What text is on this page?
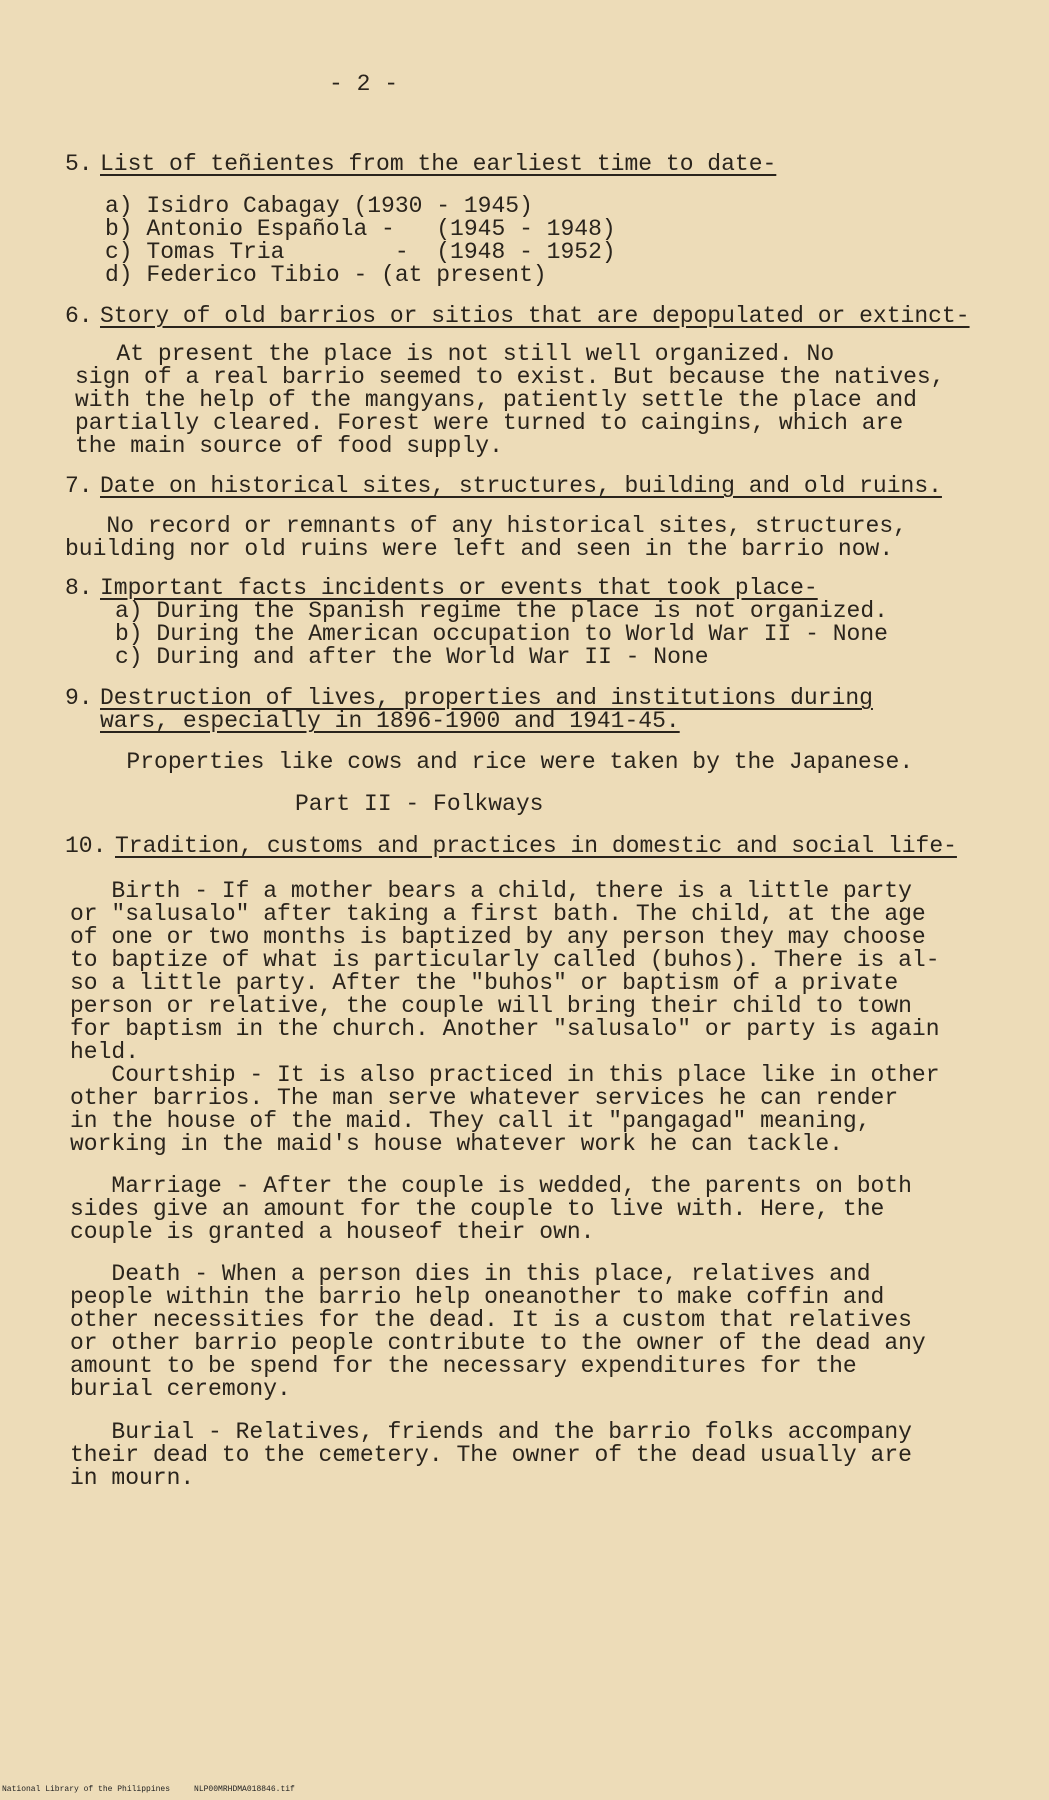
- 2 -
5. List of teñientes from the earliest time to date-
a) Isidro Cabagay (1930 - 1945)
b) Antonio Española -   (1945 - 1948)
c) Tomas Tria        -  (1948 - 1952)
d) Federico Tibio - (at present)
6. Story of old barrios or sitios that are depopulated or extinct-
At present the place is not still well organized. No
sign of a real barrio seemed to exist. But because the natives,
with the help of the mangyans, patiently settle the place and
partially cleared. Forest were turned to caingins, which are
the main source of food supply.
7. Date on historical sites, structures, building and old ruins.
No record or remnants of any historical sites, structures,
building nor old ruins were left and seen in the barrio now.
8. Important facts incidents or events that took place-
a) During the Spanish regime the place is not organized.
b) During the American occupation to World War II - None
c) During and after the World War II - None
9. Destruction of lives, properties and institutions during
wars, especially in 1896-1900 and 1941-45.
Properties like cows and rice were taken by the Japanese.
Part II - Folkways
10. Tradition, customs and practices in domestic and social life-
Birth - If a mother bears a child, there is a little party
or "salusalo" after taking a first bath. The child, at the age
of one or two months is baptized by any person they may choose
to baptize of what is particularly called (buhos). There is al-
so a little party. After the "buhos" or baptism of a private
person or relative, the couple will bring their child to town
for baptism in the church. Another "salusalo" or party is again
held.
Courtship - It is also practiced in this place like in other
other barrios. The man serve whatever services he can render
in the house of the maid. They call it "pangagad" meaning,
working in the maid's house whatever work he can tackle.
Marriage - After the couple is wedded, the parents on both
sides give an amount for the couple to live with. Here, the
couple is granted a houseof their own.
Death - When a person dies in this place, relatives and
people within the barrio help oneanother to make coffin and
other necessities for the dead. It is a custom that relatives
or other barrio people contribute to the owner of the dead any
amount to be spend for the necessary expenditures for the
burial ceremony.
Burial - Relatives, friends and the barrio folks accompany
their dead to the cemetery. The owner of the dead usually are
in mourn.
National Library of the Philippines     NLP00MRHDMA018846.tif
